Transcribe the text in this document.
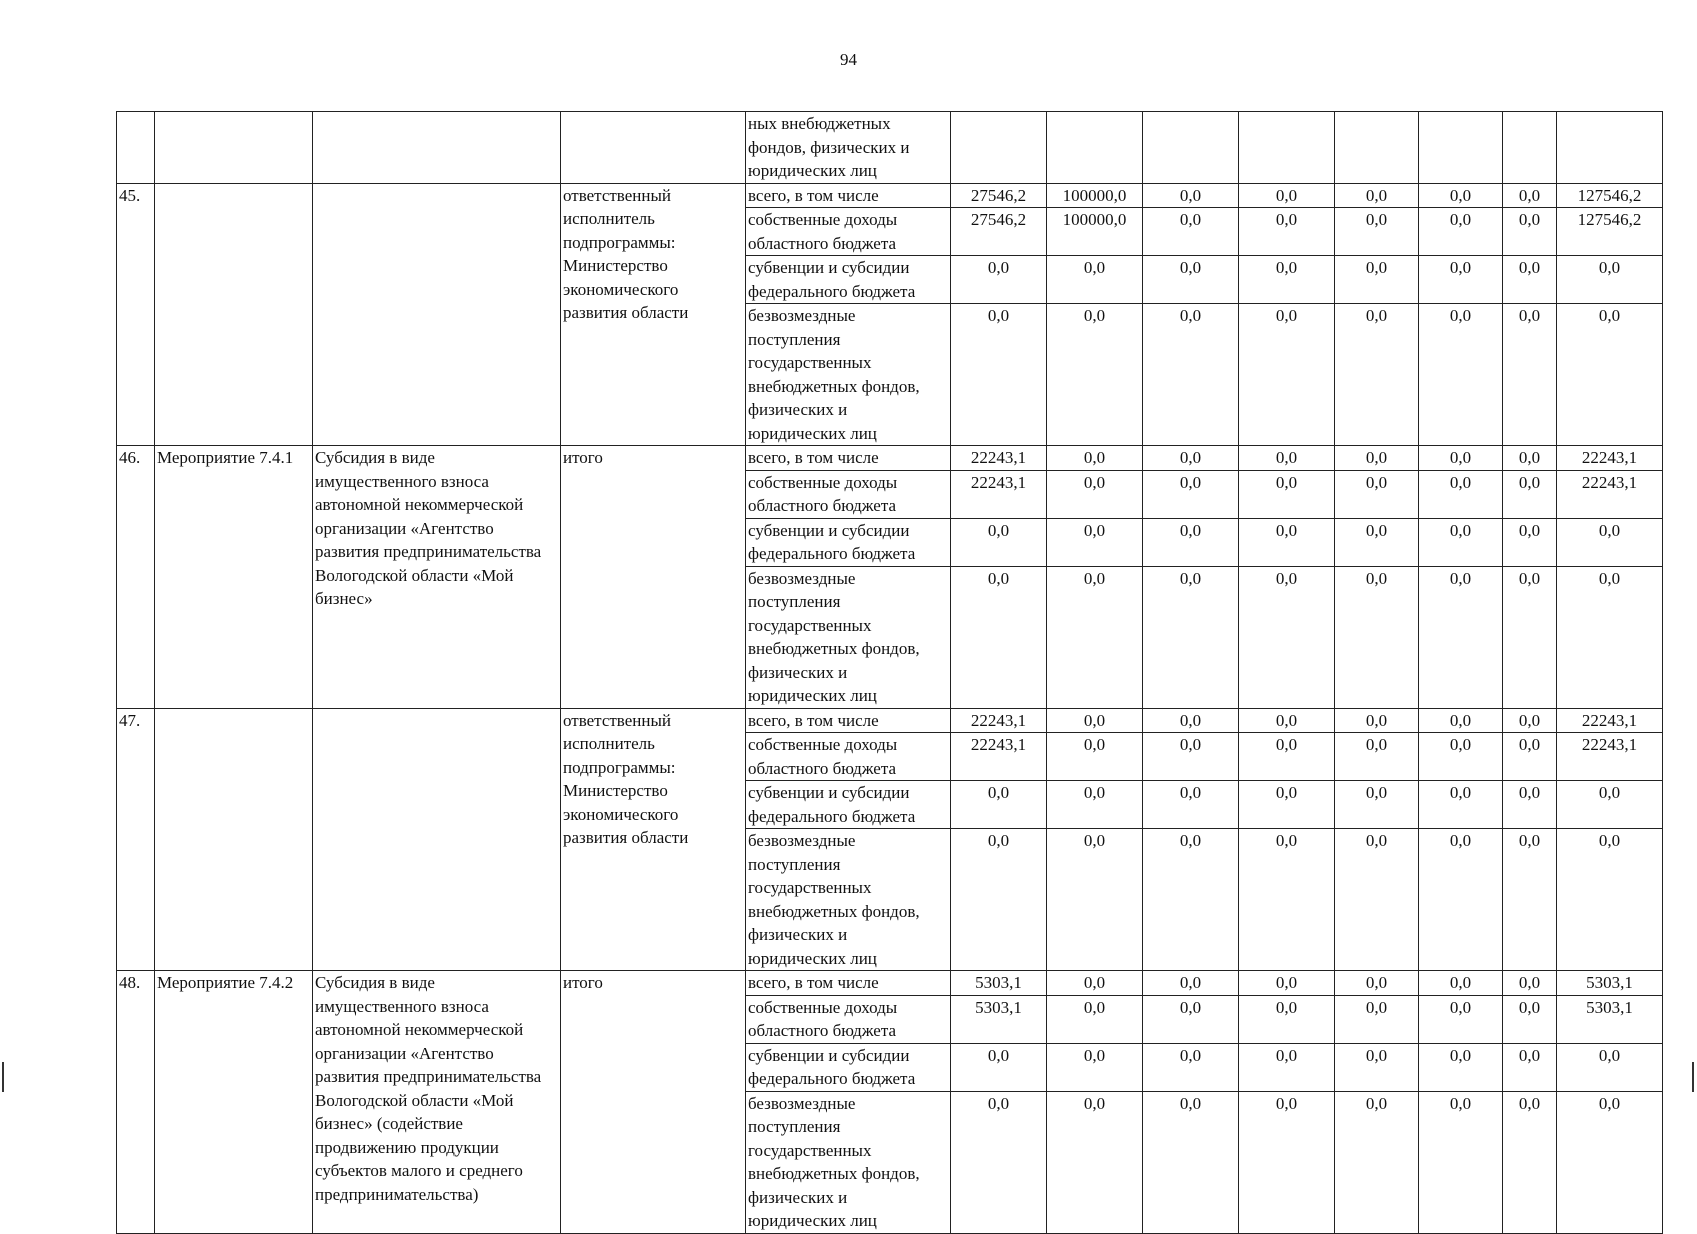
94
				ных внебюджетных фондов, физических и юридических лиц								
45.			ответственный исполнитель подпрограммы: Министерство экономического развития области	всего, в том числе	27546,2	100000,0	0,0	0,0	0,0	0,0	0,0	127546,2
				собственные доходы областного бюджета	27546,2	100000,0	0,0	0,0	0,0	0,0	0,0	127546,2
				субвенции и субсидии федерального бюджета	0,0	0,0	0,0	0,0	0,0	0,0	0,0	0,0
				безвозмездные поступления государственных внебюджетных фондов, физических и юридических лиц	0,0	0,0	0,0	0,0	0,0	0,0	0,0	0,0
46.	Мероприятие 7.4.1	Субсидия в виде имущественного взноса автономной некоммерческой организации «Агентство развития предпринимательства Вологодской области «Мой бизнес»	итого	всего, в том числе	22243,1	0,0	0,0	0,0	0,0	0,0	0,0	22243,1
				собственные доходы областного бюджета	22243,1	0,0	0,0	0,0	0,0	0,0	0,0	22243,1
				субвенции и субсидии федерального бюджета	0,0	0,0	0,0	0,0	0,0	0,0	0,0	0,0
				безвозмездные поступления государственных внебюджетных фондов, физических и юридических лиц	0,0	0,0	0,0	0,0	0,0	0,0	0,0	0,0
47.			ответственный исполнитель подпрограммы: Министерство экономического развития области	всего, в том числе	22243,1	0,0	0,0	0,0	0,0	0,0	0,0	22243,1
				собственные доходы областного бюджета	22243,1	0,0	0,0	0,0	0,0	0,0	0,0	22243,1
				субвенции и субсидии федерального бюджета	0,0	0,0	0,0	0,0	0,0	0,0	0,0	0,0
				безвозмездные поступления государственных внебюджетных фондов, физических и юридических лиц	0,0	0,0	0,0	0,0	0,0	0,0	0,0	0,0
48.	Мероприятие 7.4.2	Субсидия в виде имущественного взноса автономной некоммерческой организации «Агентство развития предпринимательства Вологодской области «Мой бизнес» (содействие продвижению продукции субъектов малого и среднего предпринимательства)	итого	всего, в том числе	5303,1	0,0	0,0	0,0	0,0	0,0	0,0	5303,1
				собственные доходы областного бюджета	5303,1	0,0	0,0	0,0	0,0	0,0	0,0	5303,1
				субвенции и субсидии федерального бюджета	0,0	0,0	0,0	0,0	0,0	0,0	0,0	0,0
				безвозмездные поступления государственных внебюджетных фондов, физических и юридических лиц	0,0	0,0	0,0	0,0	0,0	0,0	0,0	0,0
